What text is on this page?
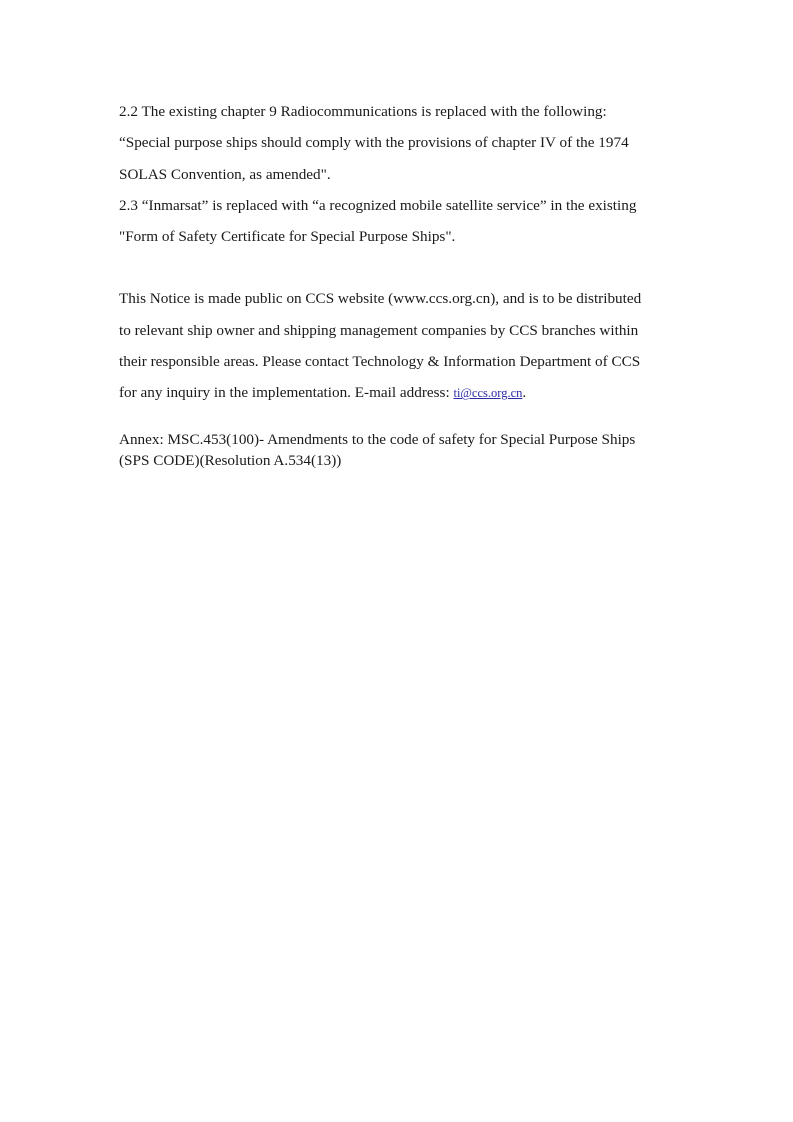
2.2 The existing chapter 9 Radiocommunications is replaced with the following:
“Special purpose ships should comply with the provisions of chapter IV of the 1974
SOLAS Convention, as amended".
2.3 “Inmarsat” is replaced with “a recognized mobile satellite service” in the existing
"Form of Safety Certificate for Special Purpose Ships".
This Notice is made public on CCS website (www.ccs.org.cn), and is to be distributed
to relevant ship owner and shipping management companies by CCS branches within
their responsible areas. Please contact Technology & Information Department of CCS
for any inquiry in the implementation. E-mail address: ti@ccs.org.cn.
Annex: MSC.453(100)- Amendments to the code of safety for Special Purpose Ships
(SPS CODE)(Resolution A.534(13))
